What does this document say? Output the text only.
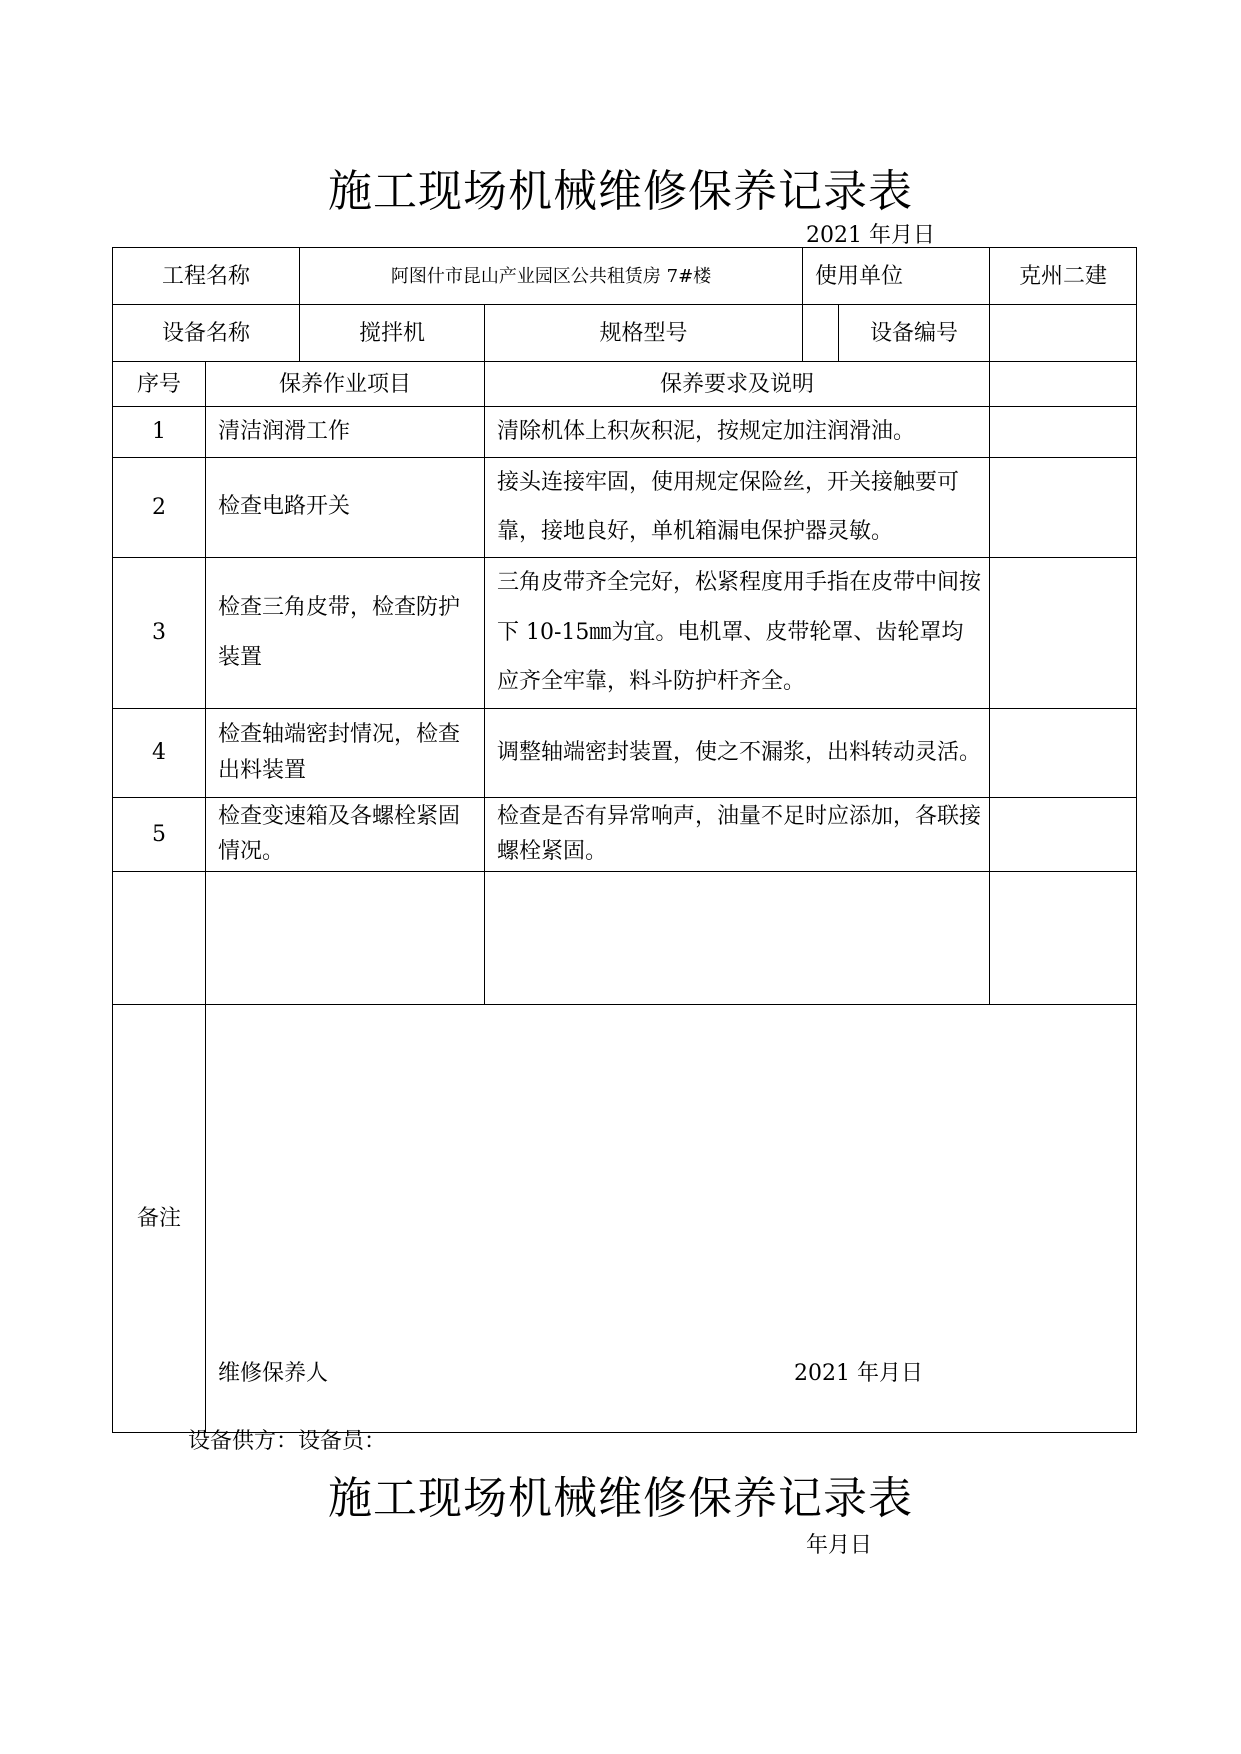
施工现场机械维修保养记录表
2021 年月日
工程名称		阿图什市昆山产业园区公共租赁房 7#楼		使用单位		克州二建
设备名称		搅拌机	规格型号		设备编号	
序号	保养作业项目		保养要求及说明			
1	清洁润滑工作		清除机体上积灰积泥，按规定加注润滑油。			
2	检查电路开关		接头连接牢固，使用规定保险丝，开关接触要可靠，接地良好，单机箱漏电保护器灵敏。			
3	检查三角皮带，检查防护装置		三角皮带齐全完好，松紧程度用手指在皮带中间按下 10-15㎜为宜。电机罩、皮带轮罩、齿轮罩均应齐全牢靠，料斗防护杆齐全。			
4	检查轴端密封情况，检查出料装置		调整轴端密封装置，使之不漏浆，出料转动灵活。			
5	检查变速箱及各螺栓紧固情况。		检查是否有异常响声，油量不足时应添加，各联接螺栓紧固。			

备注	维修保养人 2021 年月日					
设备供方：设备员：
施工现场机械维修保养记录表
年月日
